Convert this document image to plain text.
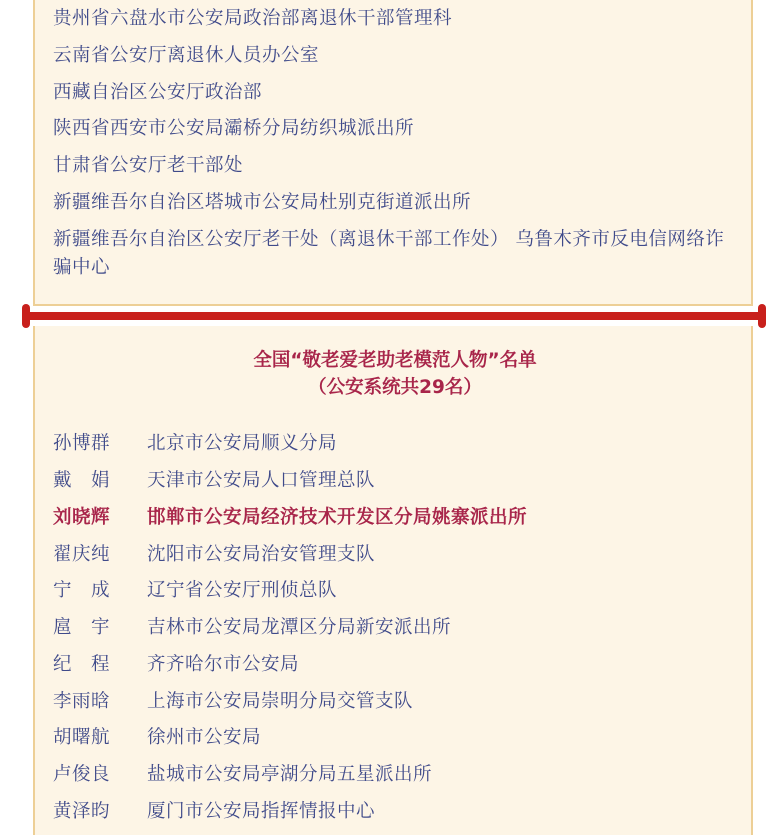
贵州省六盘水市公安局政治部离退休干部管理科
云南省公安厅离退休人员办公室
西藏自治区公安厅政治部
陕西省西安市公安局灞桥分局纺织城派出所
甘肃省公安厅老干部处
新疆维吾尔自治区塔城市公安局杜别克街道派出所
新疆维吾尔自治区公安厅老干处（离退休干部工作处） 乌鲁木齐市反电信网络诈骗中心
全国“敬老爱老助老模范人物”名单
（公安系统共29名）
孙博群 北京市公安局顺义分局
戴　娟 天津市公安局人口管理总队
刘晓辉 邯郸市公安局经济技术开发区分局姚寨派出所
翟庆纯 沈阳市公安局治安管理支队
宁　成 辽宁省公安厅刑侦总队
扈　宇 吉林市公安局龙潭区分局新安派出所
纪　程 齐齐哈尔市公安局
李雨晗 上海市公安局崇明分局交管支队
胡曙航 徐州市公安局
卢俊良 盐城市公安局亭湖分局五星派出所
黄泽昀 厦门市公安局指挥情报中心
